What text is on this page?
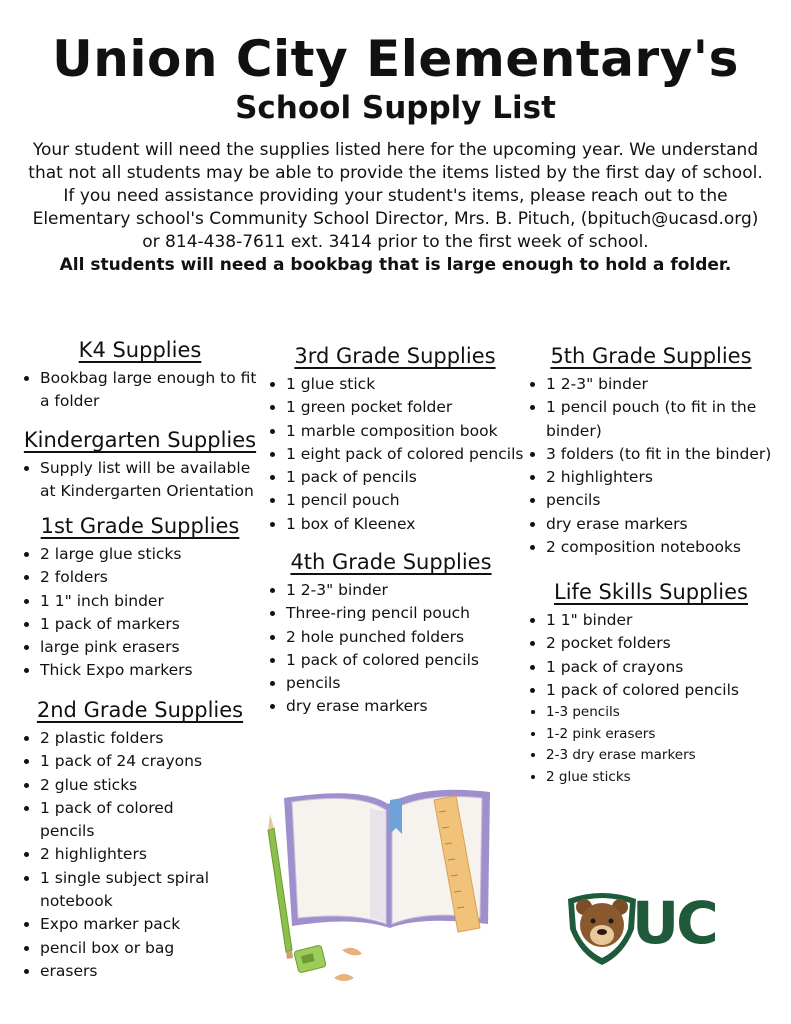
Union City Elementary's
School Supply List

Your student will need the supplies listed here for the upcoming year. We understand that not all students may be able to provide the items listed by the first day of school.

If you need assistance providing your student's items, please reach out to the Elementary school's Community School Director, Mrs. B. Pituch, (bpituch@ucasd.org) or 814-438-7611 ext. 3414 prior to the first week of school.

All students will need a bookbag that is large enough to hold a folder.

K4 Supplies
• Bookbag large enough to fit a folder
Kindergarten Supplies
• Supply list will be available at Kindergarten Orientation
1st Grade Supplies
• 2 large glue sticks
• 2 folders
• 1 1" inch binder
• 1 pack of markers
• large pink erasers
• Thick Expo markers
2nd Grade Supplies
• 2 plastic folders
• 1 pack of 24 crayons
• 2 glue sticks
• 1 pack of colored pencils
• 2 highlighters
• 1 single subject spiral notebook
• Expo marker pack
• pencil box or bag
• erasers
3rd Grade Supplies
• 1 glue stick
• 1 green pocket folder
• 1 marble composition book
• 1 eight pack of colored pencils
• 1 pack of pencils
• 1 pencil pouch
• 1 box of Kleenex
4th Grade Supplies
• 1 2-3" binder
• Three-ring pencil pouch
• 2 hole punched folders
• 1 pack of colored pencils
• pencils
• dry erase markers
5th Grade Supplies
• 1 2-3" binder
• 1 pencil pouch (to fit in the binder)
• 3 folders (to fit in the binder)
• 2 highlighters
• pencils
• dry erase markers
• 2 composition notebooks
Life Skills Supplies
• 1 1" binder
• 2 pocket folders
• 1 pack of crayons
• 1 pack of colored pencils
• 1-3 pencils
• 1-2 pink erasers
• 2-3 dry erase markers
• 2 glue sticks
UC
